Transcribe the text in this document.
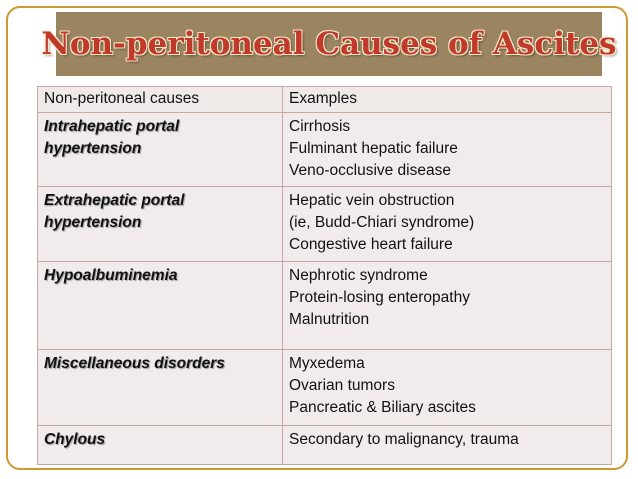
Non-peritoneal Causes of Ascites
Non-peritoneal causes	Examples

Intrahepatic portal
hypertension	Cirrhosis
Fulminant hepatic failure
Veno-occlusive disease

Extrahepatic portal
hypertension	Hepatic vein obstruction
(ie, Budd-Chiari syndrome)
Congestive heart failure

Hypoalbuminemia	Nephrotic syndrome
Protein-losing enteropathy
Malnutrition

Miscellaneous disorders	Myxedema
Ovarian tumors
Pancreatic & Biliary ascites

Chylous	Secondary to malignancy, trauma
